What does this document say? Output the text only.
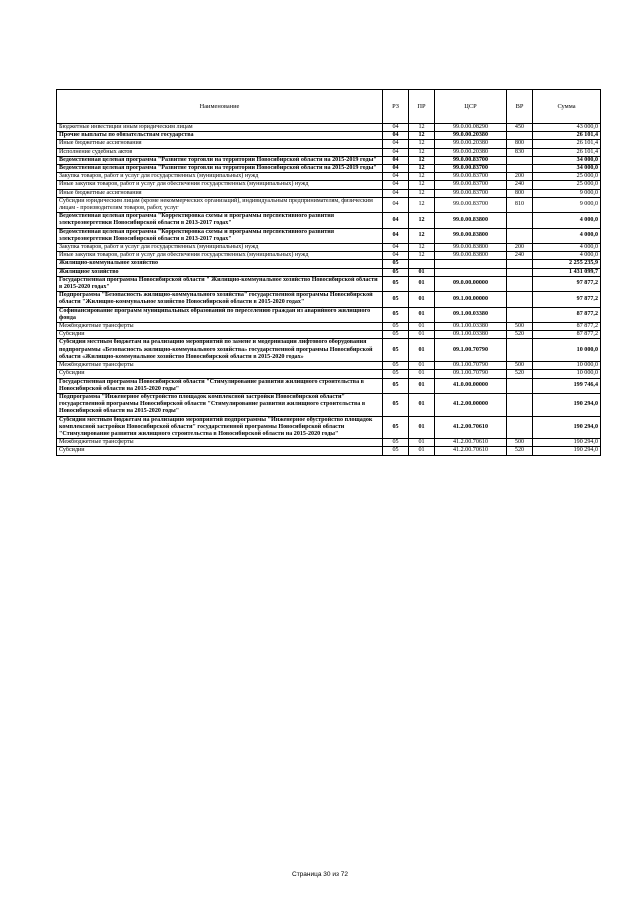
Наименование	РЗ	ПР	ЦСР	ВР	Сумма
Бюджетные инвестиции иным юридическим лицам	04	12	99.0.00.08290	450	43 000,0
Прочие выплаты по обязательствам государства	04	12	99.0.00.20380		26 101,4
Иные бюджетные ассигнования	04	12	99.0.00.20380	800	26 101,4
Исполнение судебных актов	04	12	99.0.00.20380	830	26 101,4
Ведомственная целевая программа "Развитие торговли на территории Новосибирской области на 2015-2019 годы"	04	12	99.0.00.83700		34 000,0
Ведомственная целевая программа "Развитие торговли на территории Новосибирской области на 2015-2019 годы"	04	12	99.0.00.83700		34 000,0
Закупка товаров, работ и услуг для государственных (муниципальных) нужд	04	12	99.0.00.83700	200	25 000,0
Иные закупки товаров, работ и услуг для обеспечения государственных (муниципальных) нужд	04	12	99.0.00.83700	240	25 000,0
Иные бюджетные ассигнования	04	12	99.0.00.83700	800	9 000,0
Субсидии юридическим лицам (кроме некоммерческих организаций), индивидуальным предпринимателям, физическим лицам - производителям товаров, работ, услуг	04	12	99.0.00.83700	810	9 000,0
Ведомственная целевая программа "Корректировка схемы и программы перспективного развития электроэнергетики Новосибирской области в 2013-2017 годах"	04	12	99.0.00.83800		4 000,0
Ведомственная целевая программа "Корректировка схемы и программы перспективного развития электроэнергетики Новосибирской области в 2013-2017 годах"	04	12	99.0.00.83800		4 000,0
Закупка товаров, работ и услуг для государственных (муниципальных) нужд	04	12	99.0.00.83800	200	4 000,0
Иные закупки товаров, работ и услуг для обеспечения государственных (муниципальных) нужд	04	12	99.0.00.83800	240	4 000,0
Жилищно-коммунальное хозяйство	05				2 255 235,9
Жилищное хозяйство	05	01			1 431 099,7
Государственная программа Новосибирской области " Жилищно-коммунальное хозяйство Новосибирской области в 2015-2020 годах"	05	01	09.0.00.00000		97 877,2
Подпрограмма "Безопасность жилищно-коммунального хозяйства" государственной программы Новосибирской области "Жилищно-коммунальное хозяйство Новосибирской области в 2015-2020 годах"	05	01	09.1.00.00000		97 877,2
Софинансирование программ муниципальных образований по переселению граждан из аварийного жилищного фонда	05	01	09.1.00.03380		87 877,2
Межбюджетные трансферты	05	01	09.1.00.03380	500	87 877,2
Субсидии	05	01	09.1.00.03380	520	87 877,2
Субсидии местным бюджетам на реализацию мероприятий по замене и модернизации лифтового оборудования подпрограммы «Безопасность жилищно-коммунального хозяйства» государственной программы Новосибирской области «Жилищно-коммунальное хозяйство Новосибирской области в 2015-2020 годах»	05	01	09.1.00.70790		10 000,0
Межбюджетные трансферты	05	01	09.1.00.70790	500	10 000,0
Субсидии	05	01	09.1.00.70790	520	10 000,0
Государственная программа Новосибирской области "Стимулирование развития жилищного строительства в Новосибирской области на 2015-2020 годы"	05	01	41.0.00.00000		199 746,4
Подпрограмма "Инженерное обустройство площадок комплексной застройки Новосибирской области" государственной программы Новосибирской области "Стимулирование развития жилищного строительства в Новосибирской области на 2015-2020 годы"	05	01	41.2.00.00000		190 294,0
Субсидии местным бюджетам на реализацию мероприятий подпрограммы "Инженерное обустройство площадок комплексной застройки Новосибирской области" государственной программы Новосибирской области "Стимулирование развития жилищного строительства в Новосибирской области на 2015-2020 годы"	05	01	41.2.00.70610		190 294,0
Межбюджетные трансферты	05	01	41.2.00.70610	500	190 294,0
Субсидии	05	01	41.2.00.70610	520	190 294,0
Страница 30 из 72
